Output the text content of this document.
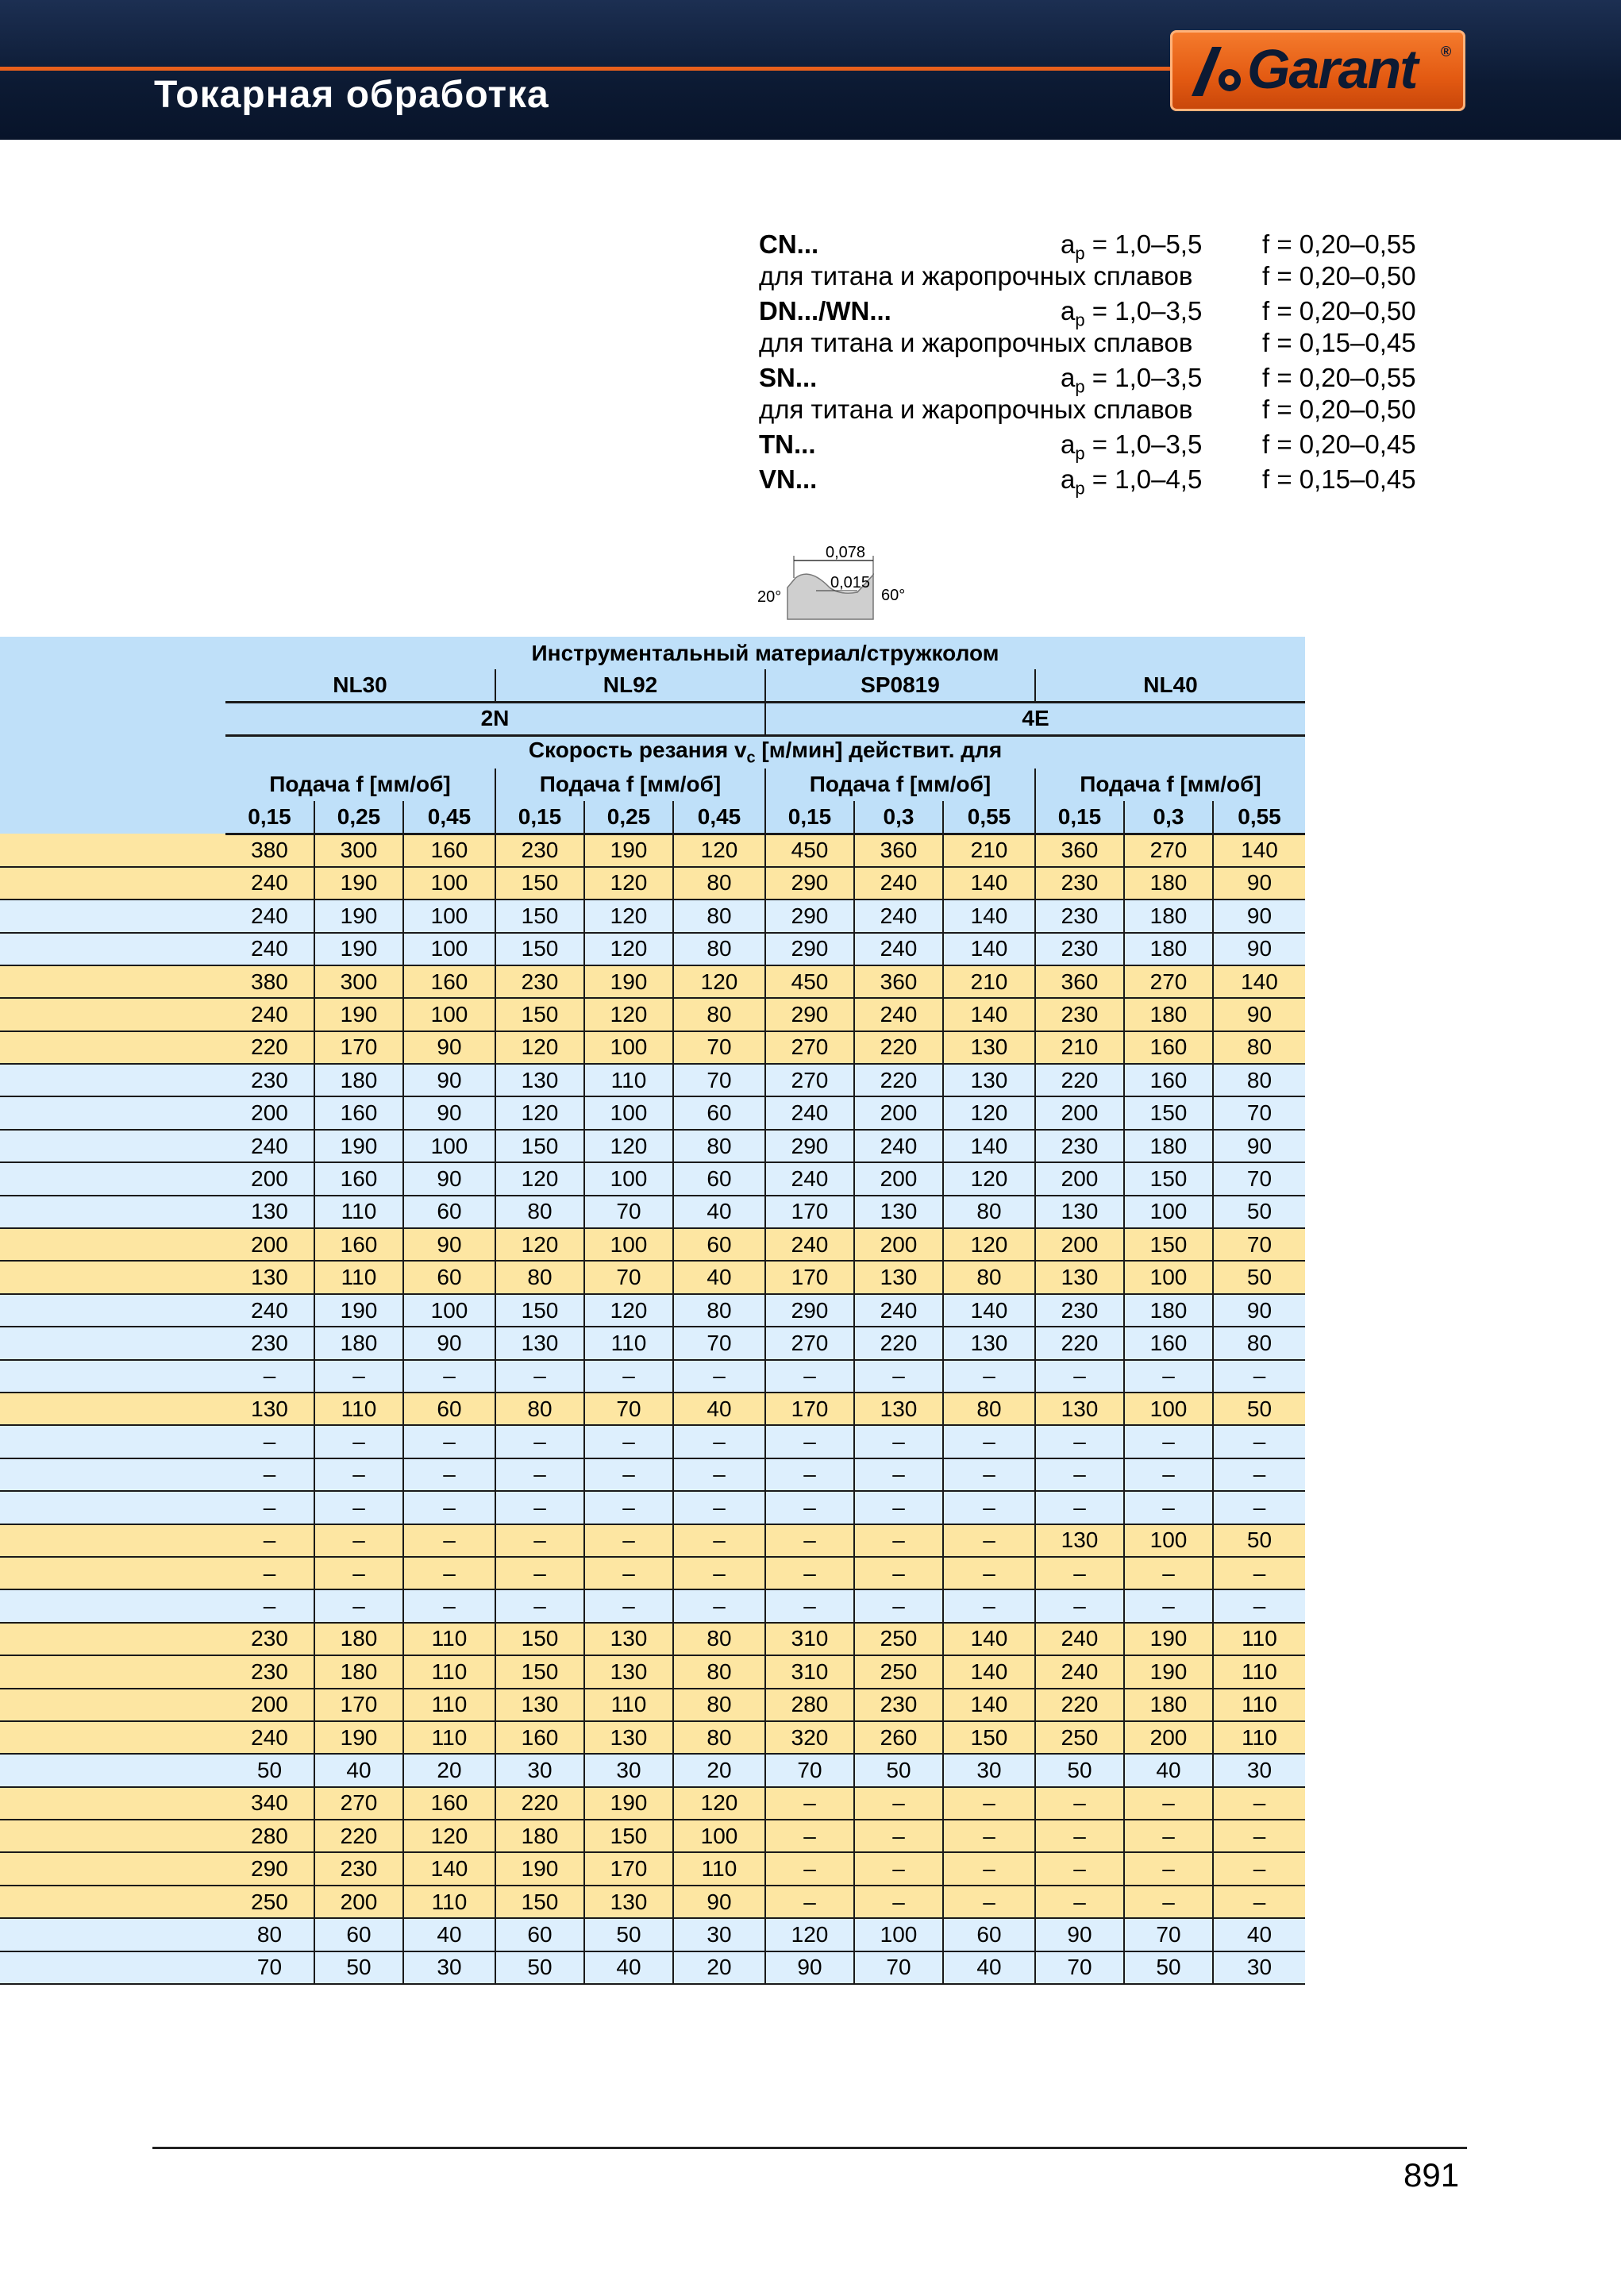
Токарная обработка	Garant ®
CN...	$a_p = 1,0-5,5$ f = 0,20–0,55
для титана и жаропрочных сплавов	f = 0,20–0,50
DN.../WN...	$a_p = 1,0-3,5$ f = 0,20–0,50
для титана и жаропрочных сплавов	f = 0,15–0,45
SN...	$a_p = 1,0-3,5$ f = 0,20–0,55
для титана и жаропрочных сплавов	f = 0,20–0,50
TN...	$a_p = 1,0-3,5$ f = 0,20–0,45
VN...	$a_p = 1,0-4,5$ f = 0,15–0,45
0,078
0,015
20°	60°
	Инструментальный материал/стружколом											
	NL30			NL92			SP0819			NL40		
	2N						4E					
	Скорость резания $v_c$ [м/мин] действит. для											
	Подача f [мм/об]			Подача f [мм/об]			Подача f [мм/об]			Подача f [мм/об]		
	0,15	0,25	0,45	0,15	0,25	0,45	0,15	0,3	0,55	0,15	0,3	0,55
	380	300	160	230	190	120	450	360	210	360	270	140
	240	190	100	150	120	80	290	240	140	230	180	90
	240	190	100	150	120	80	290	240	140	230	180	90
	240	190	100	150	120	80	290	240	140	230	180	90
	380	300	160	230	190	120	450	360	210	360	270	140
	240	190	100	150	120	80	290	240	140	230	180	90
	220	170	90	120	100	70	270	220	130	210	160	80
	230	180	90	130	110	70	270	220	130	220	160	80
	200	160	90	120	100	60	240	200	120	200	150	70
	240	190	100	150	120	80	290	240	140	230	180	90
	200	160	90	120	100	60	240	200	120	200	150	70
	130	110	60	80	70	40	170	130	80	130	100	50
	200	160	90	120	100	60	240	200	120	200	150	70
	130	110	60	80	70	40	170	130	80	130	100	50
	240	190	100	150	120	80	290	240	140	230	180	90
	230	180	90	130	110	70	270	220	130	220	160	80
	–	–	–	–	–	–	–	–	–	–	–	–
	130	110	60	80	70	40	170	130	80	130	100	50
	–	–	–	–	–	–	–	–	–	–	–	–
	–	–	–	–	–	–	–	–	–	–	–	–
	–	–	–	–	–	–	–	–	–	–	–	–
	–	–	–	–	–	–	–	–	–	130	100	50
	–	–	–	–	–	–	–	–	–	–	–	–
	–	–	–	–	–	–	–	–	–	–	–	–
	230	180	110	150	130	80	310	250	140	240	190	110
	230	180	110	150	130	80	310	250	140	240	190	110
	200	170	110	130	110	80	280	230	140	220	180	110
	240	190	110	160	130	80	320	260	150	250	200	110
	50	40	20	30	30	20	70	50	30	50	40	30
	340	270	160	220	190	120	–	–	–	–	–	–
	280	220	120	180	150	100	–	–	–	–	–	–
	290	230	140	190	170	110	–	–	–	–	–	–
	250	200	110	150	130	90	–	–	–	–	–	–
	80	60	40	60	50	30	120	100	60	90	70	40
	70	50	30	50	40	20	90	70	40	70	50	30
891
